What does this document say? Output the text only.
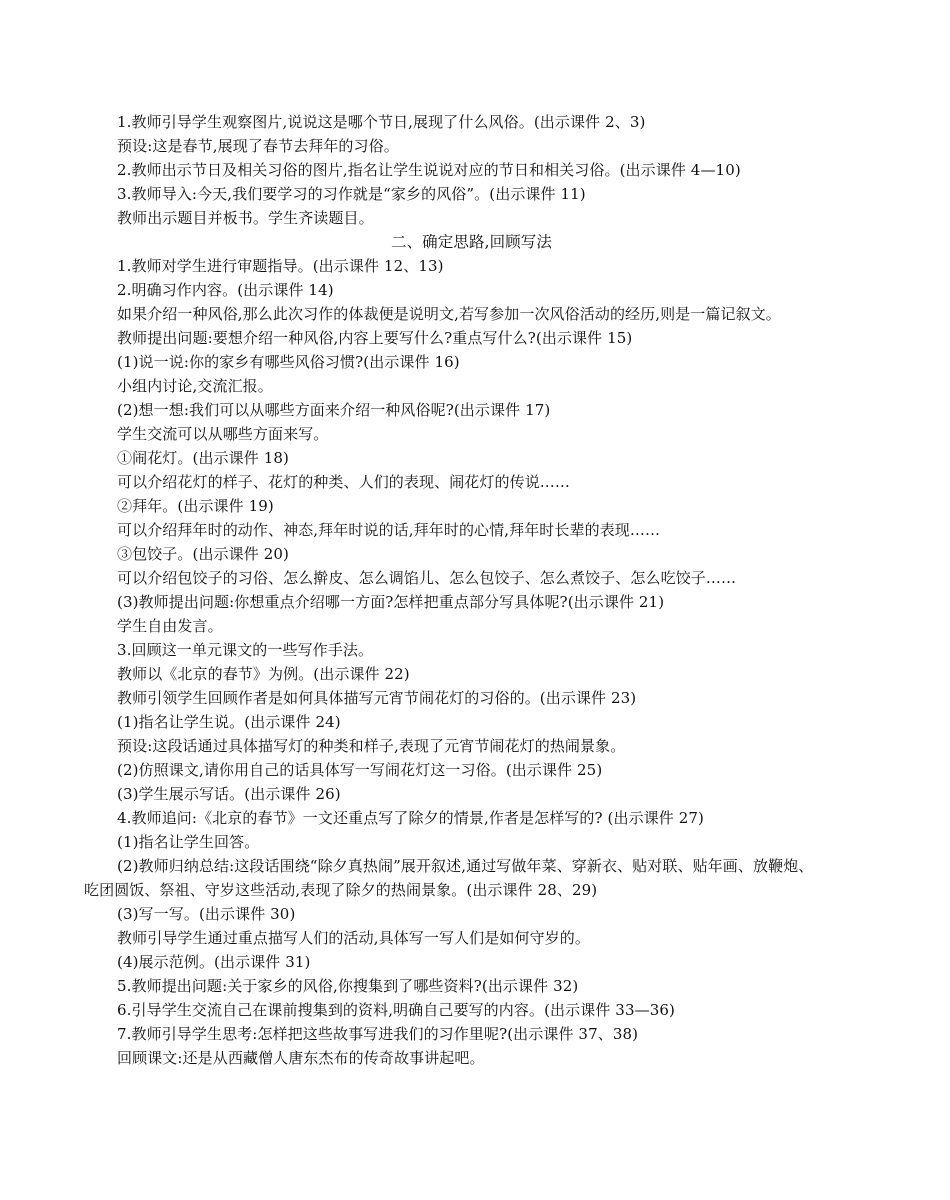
1.教师引导学生观察图片,说说这是哪个节日,展现了什么风俗。(出示课件 2、3)
预设:这是春节,展现了春节去拜年的习俗。
2.教师出示节日及相关习俗的图片,指名让学生说说对应的节日和相关习俗。(出示课件 4—10)
3.教师导入:今天,我们要学习的习作就是“家乡的风俗”。(出示课件 11)
教师出示题目并板书。学生齐读题目。
二、确定思路,回顾写法
1.教师对学生进行审题指导。(出示课件 12、13)
2.明确习作内容。(出示课件 14)
如果介绍一种风俗,那么此次习作的体裁便是说明文,若写参加一次风俗活动的经历,则是一篇记叙文。
教师提出问题:要想介绍一种风俗,内容上要写什么?重点写什么?(出示课件 15)
(1)说一说:你的家乡有哪些风俗习惯?(出示课件 16)
小组内讨论,交流汇报。
(2)想一想:我们可以从哪些方面来介绍一种风俗呢?(出示课件 17)
学生交流可以从哪些方面来写。
①闹花灯。(出示课件 18)
可以介绍花灯的样子、花灯的种类、人们的表现、闹花灯的传说……
②拜年。(出示课件 19)
可以介绍拜年时的动作、神态,拜年时说的话,拜年时的心情,拜年时长辈的表现……
③包饺子。(出示课件 20)
可以介绍包饺子的习俗、怎么擀皮、怎么调馅儿、怎么包饺子、怎么煮饺子、怎么吃饺子……
(3)教师提出问题:你想重点介绍哪一方面?怎样把重点部分写具体呢?(出示课件 21)
学生自由发言。
3.回顾这一单元课文的一些写作手法。
教师以《北京的春节》为例。(出示课件 22)
教师引领学生回顾作者是如何具体描写元宵节闹花灯的习俗的。(出示课件 23)
(1)指名让学生说。(出示课件 24)
预设:这段话通过具体描写灯的种类和样子,表现了元宵节闹花灯的热闹景象。
(2)仿照课文,请你用自己的话具体写一写闹花灯这一习俗。(出示课件 25)
(3)学生展示写话。(出示课件 26)
4.教师追问:《北京的春节》一文还重点写了除夕的情景,作者是怎样写的? (出示课件 27)
(1)指名让学生回答。
(2)教师归纳总结:这段话围绕“除夕真热闹”展开叙述,通过写做年菜、穿新衣、贴对联、贴年画、放鞭炮、
吃团圆饭、祭祖、守岁这些活动,表现了除夕的热闹景象。(出示课件 28、29)
(3)写一写。(出示课件 30)
教师引导学生通过重点描写人们的活动,具体写一写人们是如何守岁的。
(4)展示范例。(出示课件 31)
5.教师提出问题:关于家乡的风俗,你搜集到了哪些资料?(出示课件 32)
6.引导学生交流自己在课前搜集到的资料,明确自己要写的内容。(出示课件 33—36)
7.教师引导学生思考:怎样把这些故事写进我们的习作里呢?(出示课件 37、38)
回顾课文:还是从西藏僧人唐东杰布的传奇故事讲起吧。
